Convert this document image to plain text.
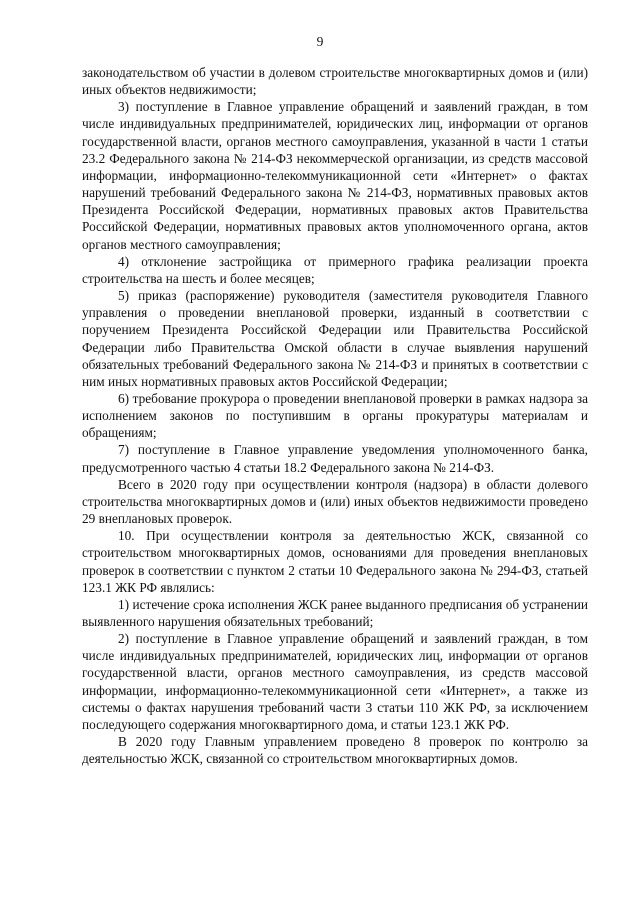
9

законодательством об участии в долевом строительстве многоквартирных домов и (или) иных объектов недвижимости;

3) поступление в Главное управление обращений и заявлений граждан, в том числе индивидуальных предпринимателей, юридических лиц, информации от органов государственной власти, органов местного самоуправления, указанной в части 1 статьи 23.2 Федерального закона № 214-ФЗ некоммерческой организации, из средств массовой информации, информационно-телекоммуникационной сети «Интернет» о фактах нарушений требований Федерального закона № 214-ФЗ, нормативных правовых актов Президента Российской Федерации, нормативных правовых актов Правительства Российской Федерации, нормативных правовых актов уполномоченного органа, актов органов местного самоуправления;

4) отклонение застройщика от примерного графика реализации проекта строительства на шесть и более месяцев;

5) приказ (распоряжение) руководителя (заместителя руководителя Главного управления о проведении внеплановой проверки, изданный в соответствии с поручением Президента Российской Федерации или Правительства Российской Федерации либо Правительства Омской области в случае выявления нарушений обязательных требований Федерального закона № 214-ФЗ и принятых в соответствии с ним иных нормативных правовых актов Российской Федерации;

6) требование прокурора о проведении внеплановой проверки в рамках надзора за исполнением законов по поступившим в органы прокуратуры материалам и обращениям;

7) поступление в Главное управление уведомления уполномоченного банка, предусмотренного частью 4 статьи 18.2 Федерального закона № 214-ФЗ.

Всего в 2020 году при осуществлении контроля (надзора) в области долевого строительства многоквартирных домов и (или) иных объектов недвижимости проведено 29 внеплановых проверок.

10. При осуществлении контроля за деятельностью ЖСК, связанной со строительством многоквартирных домов, основаниями для проведения внеплановых проверок в соответствии с пунктом 2 статьи 10 Федерального закона № 294-ФЗ, статьей 123.1 ЖК РФ являлись:

1) истечение срока исполнения ЖСК ранее выданного предписания об устранении выявленного нарушения обязательных требований;

2) поступление в Главное управление обращений и заявлений граждан, в том числе индивидуальных предпринимателей, юридических лиц, информации от органов государственной власти, органов местного самоуправления, из средств массовой информации, информационно-телекоммуникационной сети «Интернет», а также из системы о фактах нарушения требований части 3 статьи 110 ЖК РФ, за исключением последующего содержания многоквартирного дома, и статьи 123.1 ЖК РФ.

В 2020 году Главным управлением проведено 8 проверок по контролю за деятельностью ЖСК, связанной со строительством многоквартирных домов.
